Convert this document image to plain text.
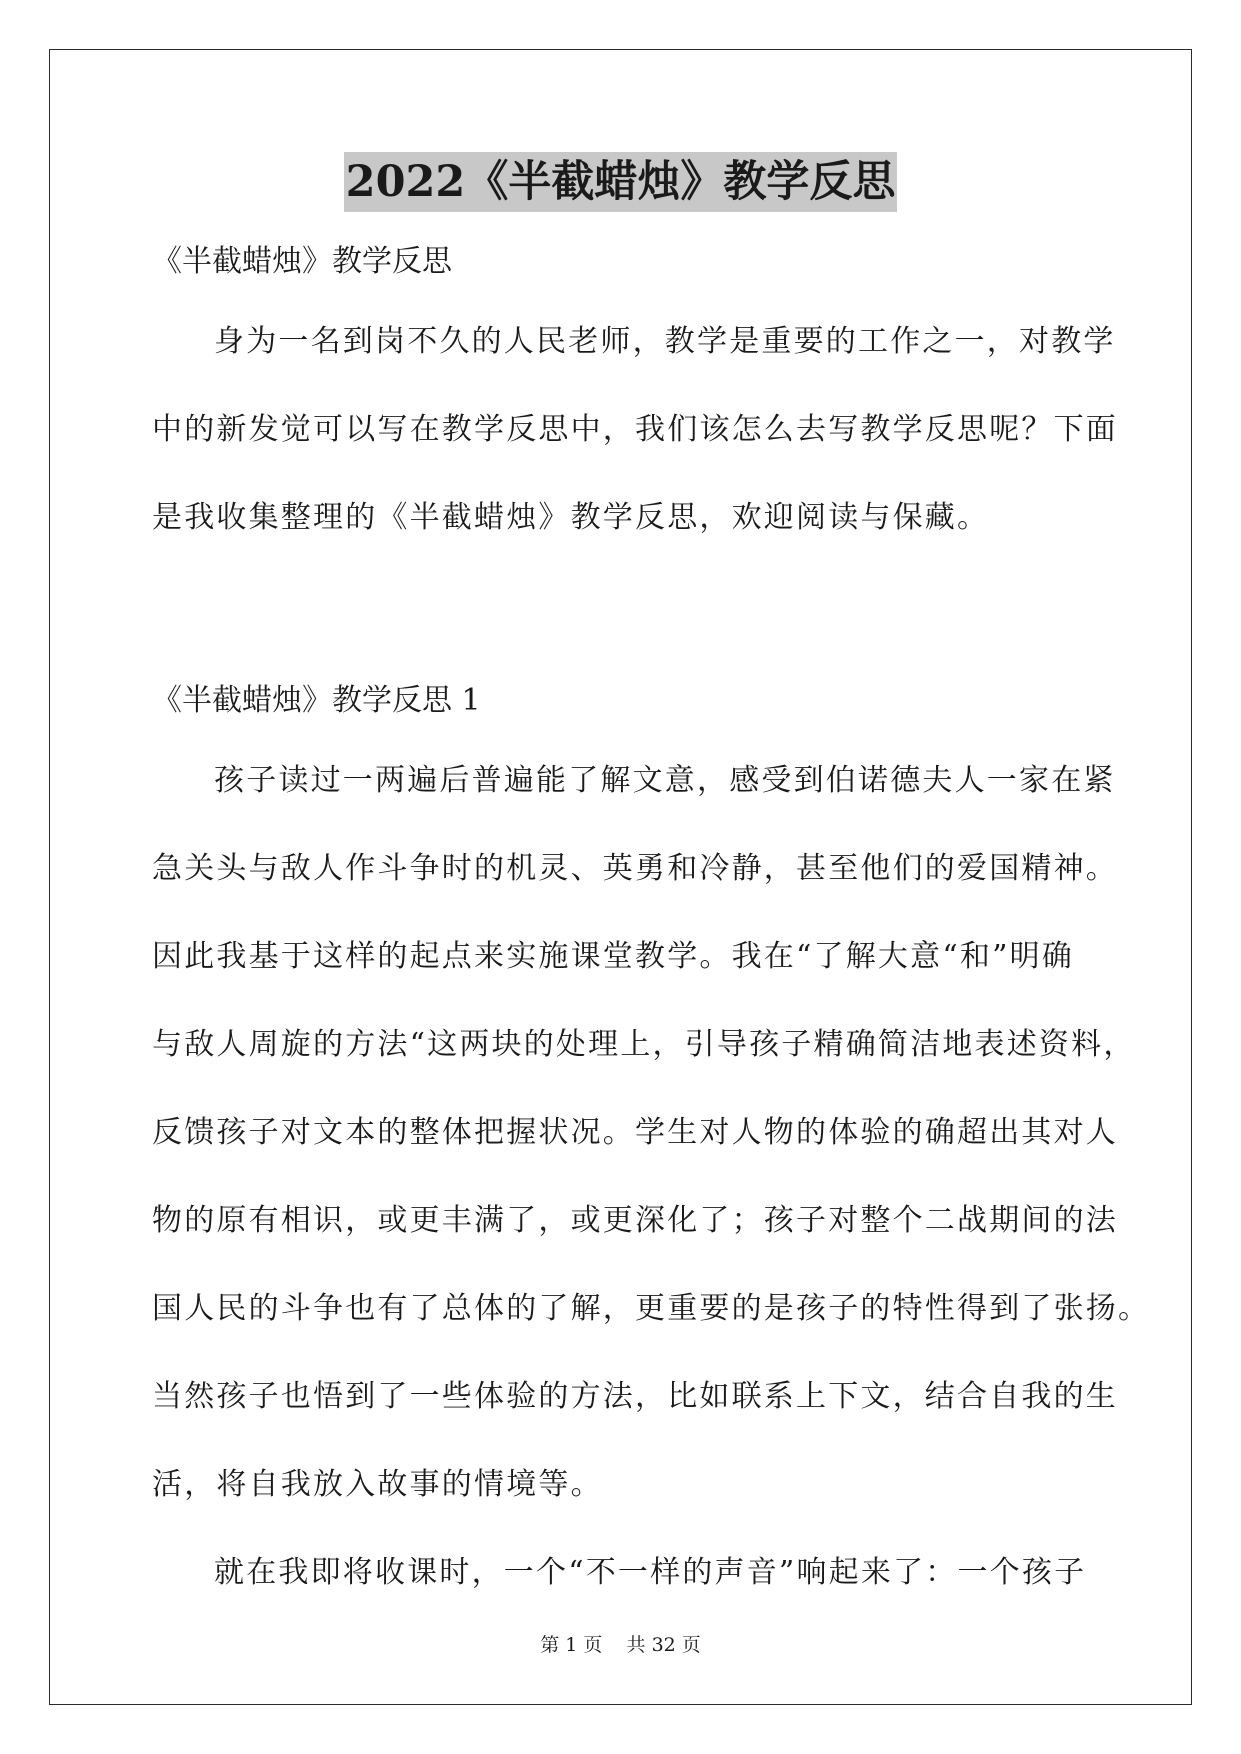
2022《半截蜡烛》教学反思
《半截蜡烛》教学反思
身为一名到岗不久的人民老师，教学是重要的工作之一，对教学
中的新发觉可以写在教学反思中，我们该怎么去写教学反思呢？下面
是我收集整理的《半截蜡烛》教学反思，欢迎阅读与保藏。
《半截蜡烛》教学反思 1
孩子读过一两遍后普遍能了解文意，感受到伯诺德夫人一家在紧
急关头与敌人作斗争时的机灵、英勇和冷静，甚至他们的爱国精神。
因此我基于这样的起点来实施课堂教学。我在“了解大意“和”明确
与敌人周旋的方法“这两块的处理上，引导孩子精确简洁地表述资料，
反馈孩子对文本的整体把握状况。学生对人物的体验的确超出其对人
物的原有相识，或更丰满了，或更深化了；孩子对整个二战期间的法
国人民的斗争也有了总体的了解，更重要的是孩子的特性得到了张扬。
当然孩子也悟到了一些体验的方法，比如联系上下文，结合自我的生
活，将自我放入故事的情境等。
就在我即将收课时，一个“不一样的声音”响起来了：一个孩子
第 1 页    共 32 页
